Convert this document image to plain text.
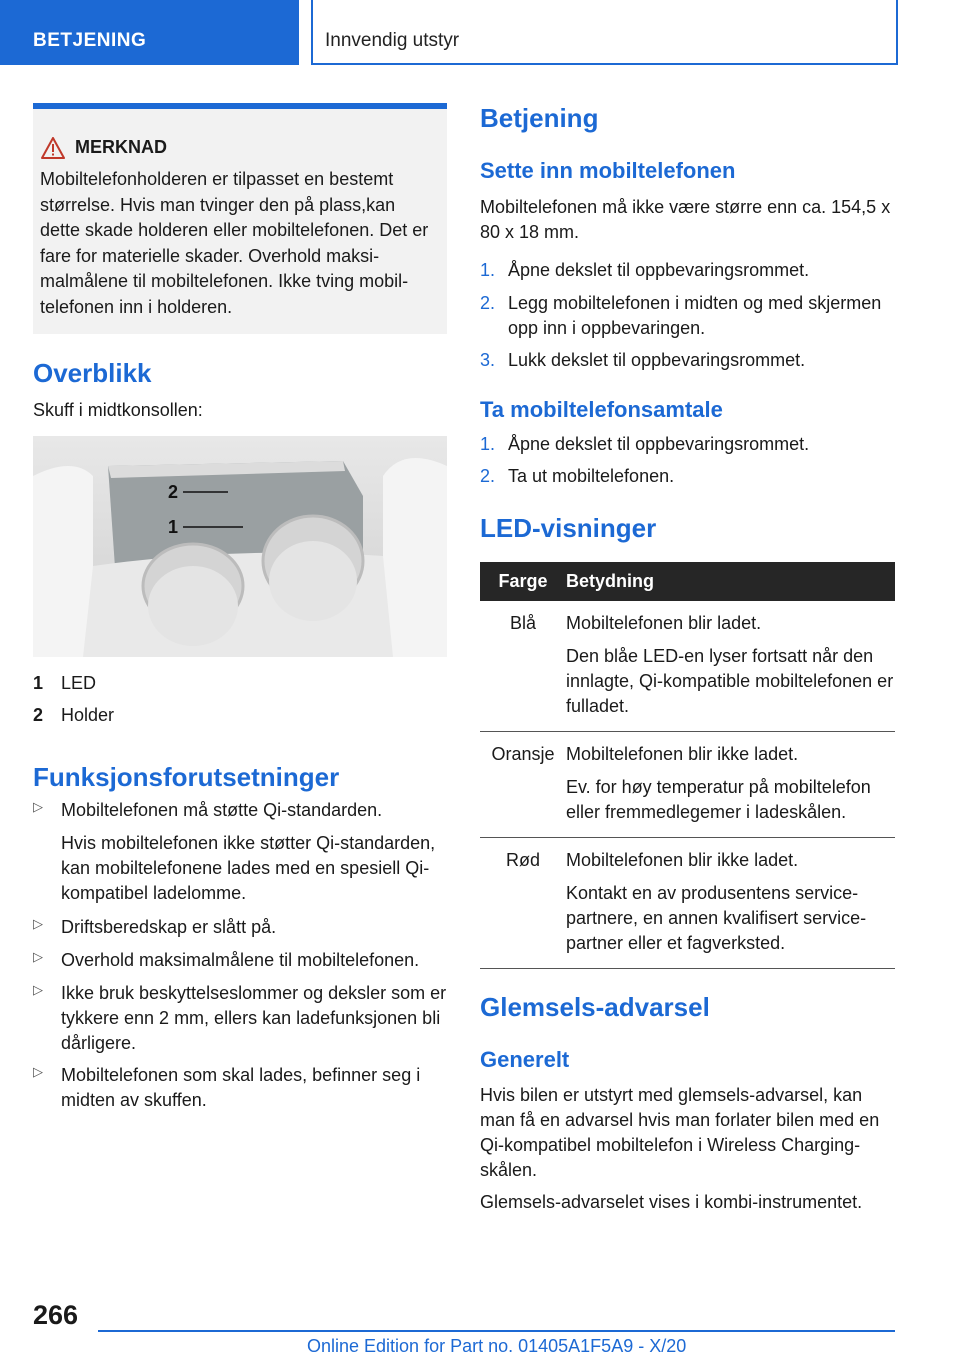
BETJENING	Innvendig utstyr
MERKNAD
Mobiltelefonholderen er tilpasset en bestemt størrelse. Hvis man tvinger den på plass,kan dette skade holderen eller mobiltelefonen. Det er fare for materielle skader. Overhold maksimalmålene til mobiltelefonen. Ikke tving mobiltelefonen inn i holderen.
Overblikk
Skuff i midtkonsollen:
2
1
1 LED
2 Holder
Funksjonsforutsetninger
▷ Mobiltelefonen må støtte Qi-standarden.
Hvis mobiltelefonen ikke støtter Qi-standarden, kan mobiltelefonene lades med en spesiell Qi-kompatibel ladelomme.
▷ Driftsberedskap er slått på.
▷ Overhold maksimalmålene til mobiltelefonen.
▷ Ikke bruk beskyttelseslommer og deksler som er tykkere enn 2 mm, ellers kan ladefunksjonen bli dårligere.
▷ Mobiltelefonen som skal lades, befinner seg i midten av skuffen.
Betjening
Sette inn mobiltelefonen
Mobiltelefonen må ikke være større enn ca. 154,5 x 80 x 18 mm.
1. Åpne dekslet til oppbevaringsrommet.
2. Legg mobiltelefonen i midten og med skjermen opp inn i oppbevaringen.
3. Lukk dekslet til oppbevaringsrommet.
Ta mobiltelefonsamtale
1. Åpne dekslet til oppbevaringsrommet.
2. Ta ut mobiltelefonen.
LED-visninger
Farge	Betydning
Blå	Mobiltelefonen blir ladet.
Den blåe LED-en lyser fortsatt når den innlagte, Qi-kompatible mobiltelefonen er fulladet.

Oransje	Mobiltelefonen blir ikke ladet.
Ev. for høy temperatur på mobiltelefon eller fremmedlegemer i ladeskålen.

Rød	Mobiltelefonen blir ikke ladet.
Kontakt en av produsentens servicepartnere, en annen kvalifisert servicepartner eller et fagverksted.
Glemsels-advarsel
Generelt
Hvis bilen er utstyrt med glemsels-advarsel, kan man få en advarsel hvis man forlater bilen med en Qi-kompatibel mobiltelefon i Wireless Charging-skålen.
Glemsels-advarselet vises i kombi-instrumentet.
266
Online Edition for Part no. 01405A1F5A9 - X/20
